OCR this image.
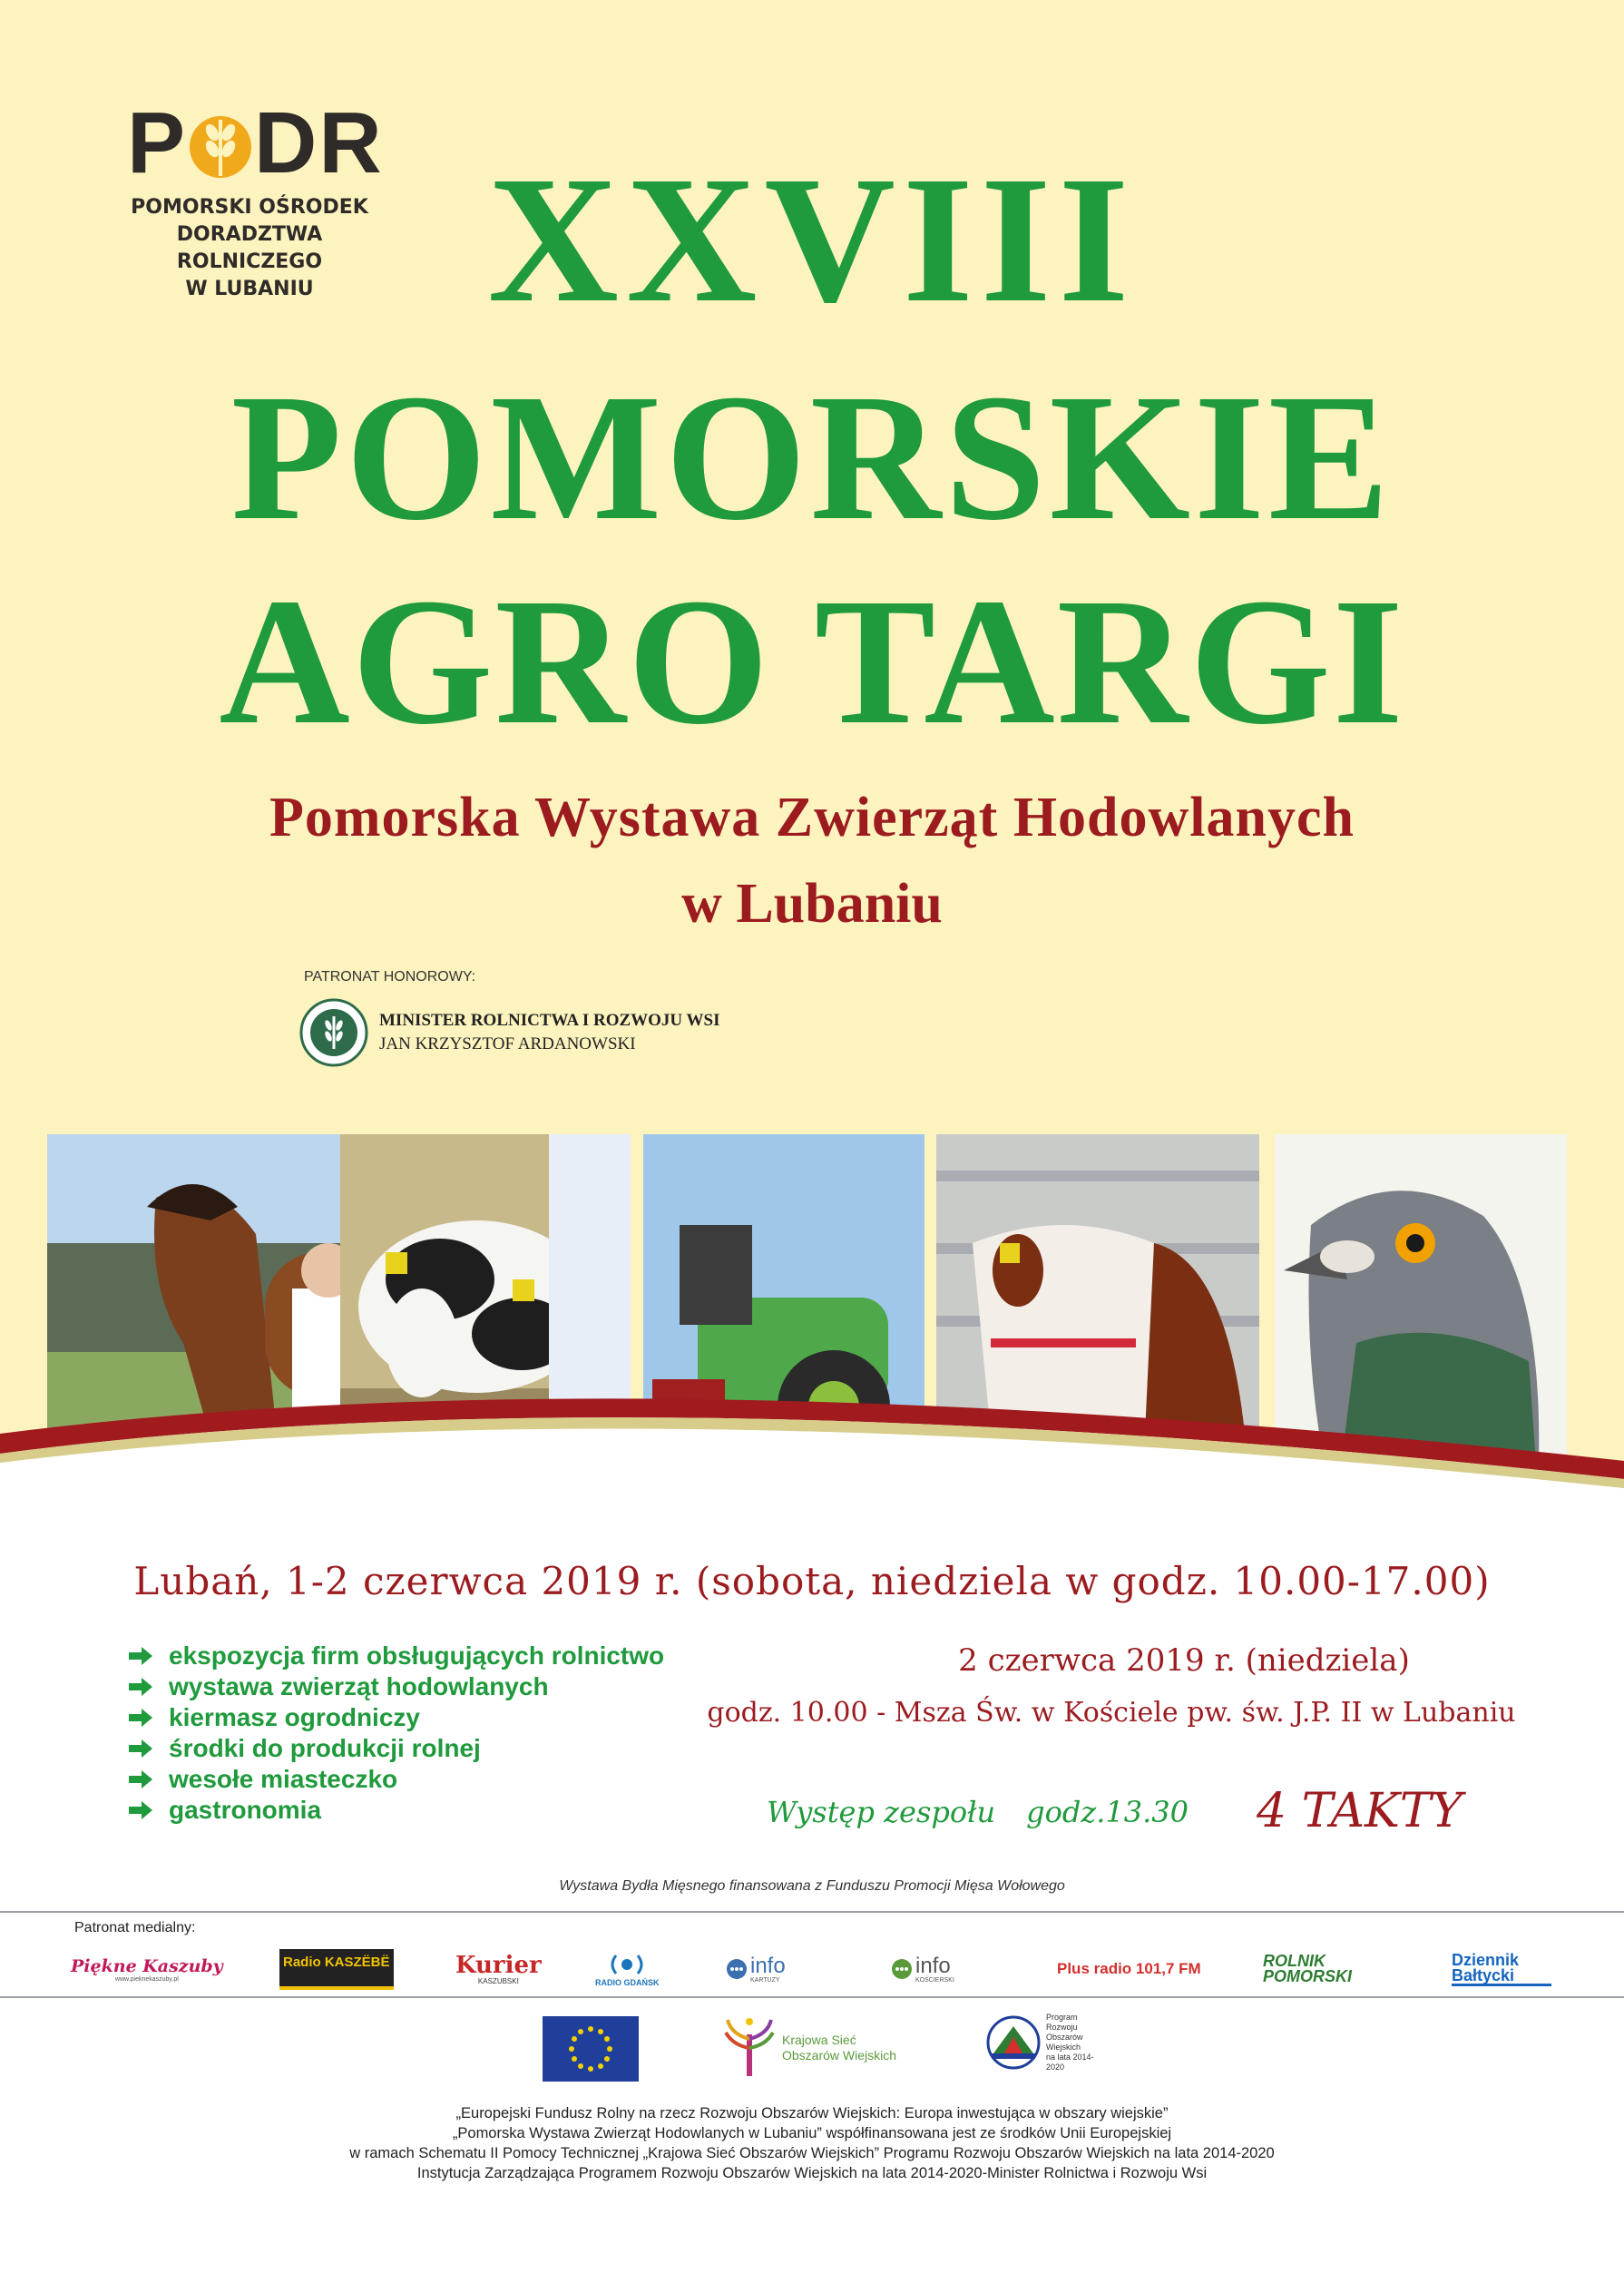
P DR
POMORSKI OŚRODEK
DORADZTWA ROLNICZEGO
W LUBANIU XXVIII
POMORSKIE
AGRO TARGI
Pomorska Wystawa Zwierząt Hodowlanych
w Lubaniu
PATRONAT HONOROWY:
MINISTER ROLNICTWA I ROZWOJU WSI
JAN KRZYSZTOF ARDANOWSKI
Lubań, 1-2 czerwca 2019 r. (sobota, niedziela w godz. 10.00-17.00)
ekspozycja firm obsługujących rolnictwo
wystawa zwierząt hodowlanych
kiermasz ogrodniczy
środki do produkcji rolnej
wesołe miasteczko
gastronomia
2 czerwca 2019 r. (niedziela)
godz. 10.00 - Msza Św. w Kościele pw. św. J.P. II w Lubaniu
Występ zespołu godz.13.30 4 TAKTY
Wystawa Bydła Mięsnego finansowana z Funduszu Promocji Mięsa Wołowego
Patronat medialny:
Piękne Kaszuby
www.pieknekaszuby.pl
Radio KASZËBË	Kurier
KASZUBSKI	RADIO GDAŃSK
info
KARTUZY
info
KOŚCIERSKI
Plus radio 101,7 FM	ROLNIK POMORSKI
Dziennik Bałtycki
Krajowa Sieć
Obszarów Wiejskich
Program
Rozwoju
Obszarów
Wiejskich
na lata 2014-2020
„Europejski Fundusz Rolny na rzecz Rozwoju Obszarów Wiejskich: Europa inwestująca w obszary wiejskie”
„Pomorska Wystawa Zwierząt Hodowlanych w Lubaniu” współfinansowana jest ze środków Unii Europejskiej
w ramach Schematu II Pomocy Technicznej „Krajowa Sieć Obszarów Wiejskich” Programu Rozwoju Obszarów Wiejskich na lata 2014-2020
Instytucja Zarządzająca Programem Rozwoju Obszarów Wiejskich na lata 2014-2020-Minister Rolnictwa i Rozwoju Wsi
